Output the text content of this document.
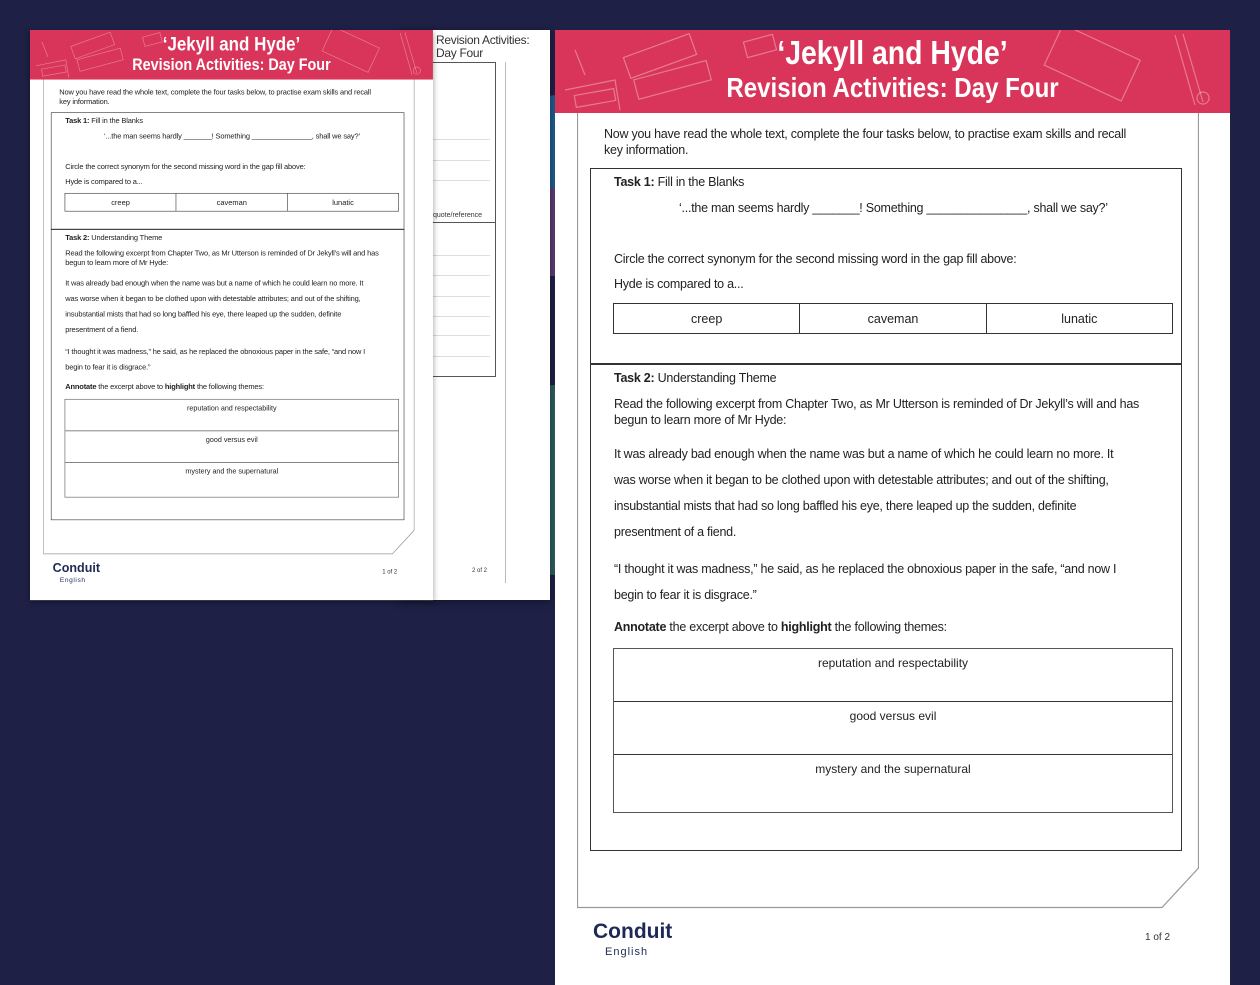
Revision Activities: Day Four
quote/reference
2 of 2
‘Jekyll and Hyde’
Revision Activities: Day Four
Now you have read the whole text, complete the four tasks below, to practise exam skills and recall
key information.
Task 1: Fill in the Blanks
‘...the man seems hardly _______! Something _______________, shall we say?’
Circle the correct synonym for the second missing word in the gap fill above:
Hyde is compared to a...
creep	caveman	lunatic
Task 2: Understanding Theme
Read the following excerpt from Chapter Two, as Mr Utterson is reminded of Dr Jekyll’s will and has
begun to learn more of Mr Hyde:
It was already bad enough when the name was but a name of which he could learn no more. It
was worse when it began to be clothed upon with detestable attributes; and out of the shifting,
insubstantial mists that had so long baffled his eye, there leaped up the sudden, definite
presentment of a fiend.
“I thought it was madness,” he said, as he replaced the obnoxious paper in the safe, “and now I
begin to fear it is disgrace.”
Annotate the excerpt above to highlight the following themes:
reputation and respectability
good versus evil
mystery and the supernatural
Conduit
English
1 of 2
‘Jekyll and Hyde’
Revision Activities: Day Four
Now you have read the whole text, complete the four tasks below, to practise exam skills and recall
key information.
Task 1: Fill in the Blanks
‘...the man seems hardly _______! Something _______________, shall we say?’
Circle the correct synonym for the second missing word in the gap fill above:
Hyde is compared to a...
creep	caveman	lunatic
Task 2: Understanding Theme
Read the following excerpt from Chapter Two, as Mr Utterson is reminded of Dr Jekyll’s will and has
begun to learn more of Mr Hyde:
It was already bad enough when the name was but a name of which he could learn no more. It
was worse when it began to be clothed upon with detestable attributes; and out of the shifting,
insubstantial mists that had so long baffled his eye, there leaped up the sudden, definite
presentment of a fiend.
“I thought it was madness,” he said, as he replaced the obnoxious paper in the safe, “and now I
begin to fear it is disgrace.”
Annotate the excerpt above to highlight the following themes:
reputation and respectability
good versus evil
mystery and the supernatural
Conduit
English
1 of 2
